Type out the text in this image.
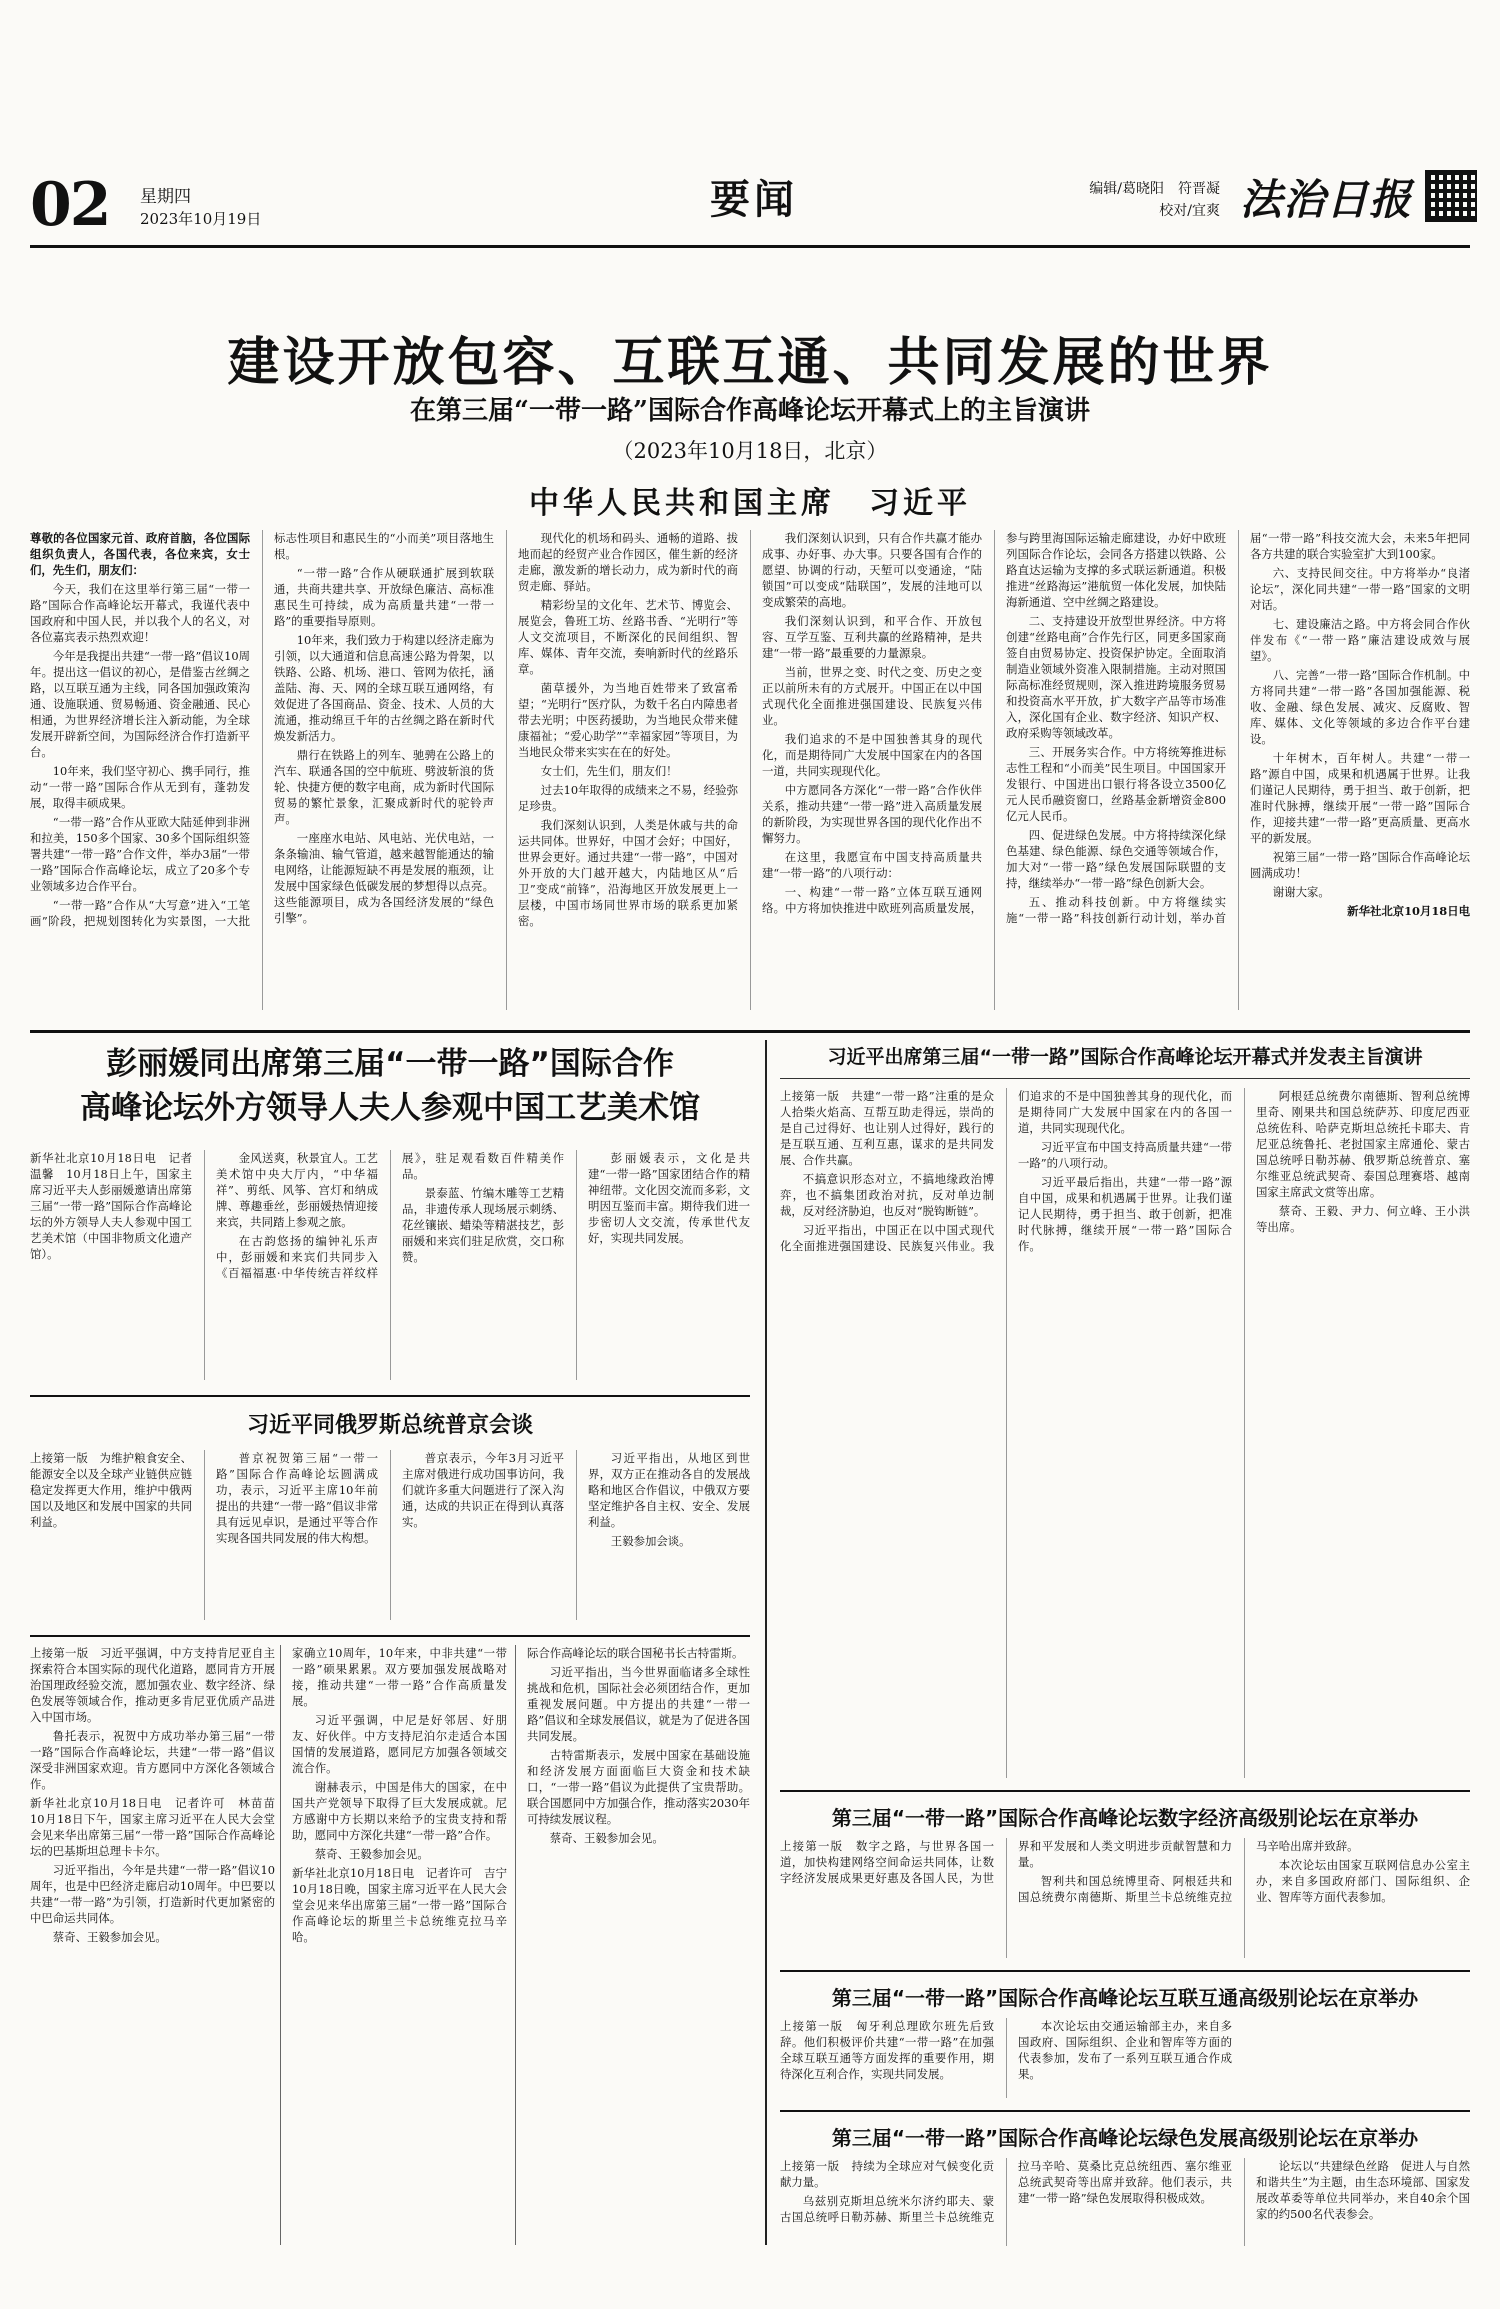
02 星期四
2023年10月19日	要闻	编辑/葛晓阳　符晋凝
校对/宜爽 法治日报
建设开放包容、互联互通、共同发展的世界
在第三届“一带一路”国际合作高峰论坛开幕式上的主旨演讲
（2023年10月18日，北京）
中华人民共和国主席　习近平

尊敬的各位国家元首、政府首脑，各位国际组织负责人，各国代表，各位来宾，女士们，先生们，朋友们：

今天，我们在这里举行第三届“一带一路”国际合作高峰论坛开幕式，我谨代表中国政府和中国人民，并以我个人的名义，对各位嘉宾表示热烈欢迎！

今年是我提出共建“一带一路”倡议10周年。提出这一倡议的初心，是借鉴古丝绸之路，以互联互通为主线，同各国加强政策沟通、设施联通、贸易畅通、资金融通、民心相通，为世界经济增长注入新动能，为全球发展开辟新空间，为国际经济合作打造新平台。

10年来，我们坚守初心、携手同行，推动“一带一路”国际合作从无到有，蓬勃发展，取得丰硕成果。

“一带一路”合作从亚欧大陆延伸到非洲和拉美，150多个国家、30多个国际组织签署共建“一带一路”合作文件，举办3届“一带一路”国际合作高峰论坛，成立了20多个专业领域多边合作平台。

“一带一路”合作从“大写意”进入“工笔画”阶段，把规划图转化为实景图，一大批标志性项目和惠民生的“小而美”项目落地生根。

“一带一路”合作从硬联通扩展到软联通，共商共建共享、开放绿色廉洁、高标准惠民生可持续，成为高质量共建“一带一路”的重要指导原则。

10年来，我们致力于构建以经济走廊为引领，以大通道和信息高速公路为骨架，以铁路、公路、机场、港口、管网为依托，涵盖陆、海、天、网的全球互联互通网络，有效促进了各国商品、资金、技术、人员的大流通，推动绵亘千年的古丝绸之路在新时代焕发新活力。

鼎行在铁路上的列车、驰骋在公路上的汽车、联通各国的空中航班、劈波斩浪的货轮、快捷方便的数字电商，成为新时代国际贸易的繁忙景象，汇聚成新时代的驼铃声声。

一座座水电站、风电站、光伏电站，一条条输油、输气管道，越来越智能通达的输电网络，让能源短缺不再是发展的瓶颈，让发展中国家绿色低碳发展的梦想得以点亮。这些能源项目，成为各国经济发展的“绿色引擎”。

现代化的机场和码头、通畅的道路、拔地而起的经贸产业合作园区，催生新的经济走廊，激发新的增长动力，成为新时代的商贸走廊、驿站。

精彩纷呈的文化年、艺术节、博览会、展览会，鲁班工坊、丝路书香、“光明行”等人文交流项目，不断深化的民间组织、智库、媒体、青年交流，奏响新时代的丝路乐章。

菌草援外，为当地百姓带来了致富希望；“光明行”医疗队，为数千名白内障患者带去光明；中医药援助，为当地民众带来健康福祉；“爱心助学”“幸福家园”等项目，为当地民众带来实实在在的好处。

女士们，先生们，朋友们！

过去10年取得的成绩来之不易，经验弥足珍贵。

我们深刻认识到，人类是休戚与共的命运共同体。世界好，中国才会好；中国好，世界会更好。通过共建“一带一路”，中国对外开放的大门越开越大，内陆地区从“后卫”变成“前锋”，沿海地区开放发展更上一层楼，中国市场同世界市场的联系更加紧密。

我们深刻认识到，只有合作共赢才能办成事、办好事、办大事。只要各国有合作的愿望、协调的行动，天堑可以变通途，“陆锁国”可以变成“陆联国”，发展的洼地可以变成繁荣的高地。

我们深刻认识到，和平合作、开放包容、互学互鉴、互利共赢的丝路精神，是共建“一带一路”最重要的力量源泉。

当前，世界之变、时代之变、历史之变正以前所未有的方式展开。中国正在以中国式现代化全面推进强国建设、民族复兴伟业。

我们追求的不是中国独善其身的现代化，而是期待同广大发展中国家在内的各国一道，共同实现现代化。

中方愿同各方深化“一带一路”合作伙伴关系，推动共建“一带一路”进入高质量发展的新阶段，为实现世界各国的现代化作出不懈努力。

在这里，我愿宣布中国支持高质量共建“一带一路”的八项行动：

一、构建“一带一路”立体互联互通网络。中方将加快推进中欧班列高质量发展，参与跨里海国际运输走廊建设，办好中欧班列国际合作论坛，会同各方搭建以铁路、公路直达运输为支撑的多式联运新通道。积极推进“丝路海运”港航贸一体化发展，加快陆海新通道、空中丝绸之路建设。

二、支持建设开放型世界经济。中方将创建“丝路电商”合作先行区，同更多国家商签自由贸易协定、投资保护协定。全面取消制造业领域外资准入限制措施。主动对照国际高标准经贸规则，深入推进跨境服务贸易和投资高水平开放，扩大数字产品等市场准入，深化国有企业、数字经济、知识产权、政府采购等领域改革。

三、开展务实合作。中方将统筹推进标志性工程和“小而美”民生项目。中国国家开发银行、中国进出口银行将各设立3500亿元人民币融资窗口，丝路基金新增资金800亿元人民币。

四、促进绿色发展。中方将持续深化绿色基建、绿色能源、绿色交通等领域合作，加大对“一带一路”绿色发展国际联盟的支持，继续举办“一带一路”绿色创新大会。

五、推动科技创新。中方将继续实施“一带一路”科技创新行动计划，举办首届“一带一路”科技交流大会，未来5年把同各方共建的联合实验室扩大到100家。

六、支持民间交往。中方将举办“良渚论坛”，深化同共建“一带一路”国家的文明对话。

七、建设廉洁之路。中方将会同合作伙伴发布《“一带一路”廉洁建设成效与展望》。

八、完善“一带一路”国际合作机制。中方将同共建“一带一路”各国加强能源、税收、金融、绿色发展、减灾、反腐败、智库、媒体、文化等领域的多边合作平台建设。

十年树木，百年树人。共建“一带一路”源自中国，成果和机遇属于世界。让我们谨记人民期待，勇于担当、敢于创新，把准时代脉搏，继续开展“一带一路”国际合作，迎接共建“一带一路”更高质量、更高水平的新发展。

祝第三届“一带一路”国际合作高峰论坛圆满成功！

谢谢大家。

新华社北京10月18日电

彭丽媛同出席第三届“一带一路”国际合作
高峰论坛外方领导人夫人参观中国工艺美术馆

新华社北京10月18日电　记者温馨　10月18日上午，国家主席习近平夫人彭丽媛邀请出席第三届“一带一路”国际合作高峰论坛的外方领导人夫人参观中国工艺美术馆（中国非物质文化遗产馆）。

金风送爽，秋景宜人。工艺美术馆中央大厅内，“中华福祥”、剪纸、风筝、宫灯和纳成牌、尊趣垂丝，彭丽媛热情迎接来宾，共同踏上参观之旅。

在古韵悠扬的编钟礼乐声中，彭丽媛和来宾们共同步入《百福福惠·中华传统吉祥纹样展》，驻足观看数百件精美作品。

景泰蓝、竹编木雕等工艺精品，非遗传承人现场展示刺绣、花丝镶嵌、蜡染等精湛技艺，彭丽媛和来宾们驻足欣赏，交口称赞。

彭丽媛表示，文化是共建“一带一路”国家团结合作的精神纽带。文化因交流而多彩，文明因互鉴而丰富。期待我们进一步密切人文交流，传承世代友好，实现共同发展。

习近平同俄罗斯总统普京会谈

上接第一版　为维护粮食安全、能源安全以及全球产业链供应链稳定发挥更大作用，维护中俄两国以及地区和发展中国家的共同利益。

普京祝贺第三届“一带一路”国际合作高峰论坛圆满成功，表示，习近平主席10年前提出的共建“一带一路”倡议非常具有远见卓识，是通过平等合作实现各国共同发展的伟大构想。

普京表示，今年3月习近平主席对俄进行成功国事访问，我们就许多重大问题进行了深入沟通，达成的共识正在得到认真落实。

习近平指出，从地区到世界，双方正在推动各自的发展战略和地区合作倡议，中俄双方要坚定维护各自主权、安全、发展利益。

王毅参加会谈。

上接第一版　习近平强调，中方支持肯尼亚自主探索符合本国实际的现代化道路，愿同肯方开展治国理政经验交流，愿加强农业、数字经济、绿色发展等领域合作，推动更多肯尼亚优质产品进入中国市场。

鲁托表示，祝贺中方成功举办第三届“一带一路”国际合作高峰论坛，共建“一带一路”倡议深受非洲国家欢迎。肯方愿同中方深化各领域合作。

新华社北京10月18日电　记者许可　林苗苗　10月18日下午，国家主席习近平在人民大会堂会见来华出席第三届“一带一路”国际合作高峰论坛的巴基斯坦总理卡卡尔。

习近平指出，今年是共建“一带一路”倡议10周年，也是中巴经济走廊启动10周年。中巴要以共建“一带一路”为引领，打造新时代更加紧密的中巴命运共同体。

蔡奇、王毅参加会见。

家确立10周年，10年来，中非共建“一带一路”硕果累累。双方要加强发展战略对接，推动共建“一带一路”合作高质量发展。

习近平强调，中尼是好邻居、好朋友、好伙伴。中方支持尼泊尔走适合本国国情的发展道路，愿同尼方加强各领域交流合作。

谢赫表示，中国是伟大的国家，在中国共产党领导下取得了巨大发展成就。尼方感谢中方长期以来给予的宝贵支持和帮助，愿同中方深化共建“一带一路”合作。

蔡奇、王毅参加会见。

新华社北京10月18日电　记者许可　吉宁　10月18日晚，国家主席习近平在人民大会堂会见来华出席第三届“一带一路”国际合作高峰论坛的斯里兰卡总统维克拉马辛哈。

际合作高峰论坛的联合国秘书长古特雷斯。

习近平指出，当今世界面临诸多全球性挑战和危机，国际社会必须团结合作，更加重视发展问题。中方提出的共建“一带一路”倡议和全球发展倡议，就是为了促进各国共同发展。

古特雷斯表示，发展中国家在基础设施和经济发展方面面临巨大资金和技术缺口，“一带一路”倡议为此提供了宝贵帮助。联合国愿同中方加强合作，推动落实2030年可持续发展议程。

蔡奇、王毅参加会见。

习近平出席第三届“一带一路”国际合作高峰论坛开幕式并发表主旨演讲

上接第一版　共建“一带一路”注重的是众人拾柴火焰高、互帮互助走得远，崇尚的是自己过得好、也让别人过得好，践行的是互联互通、互利互惠，谋求的是共同发展、合作共赢。

不搞意识形态对立，不搞地缘政治博弈，也不搞集团政治对抗，反对单边制裁，反对经济胁迫，也反对“脱钩断链”。

习近平指出，中国正在以中国式现代化全面推进强国建设、民族复兴伟业。我们追求的不是中国独善其身的现代化，而是期待同广大发展中国家在内的各国一道，共同实现现代化。

习近平宣布中国支持高质量共建“一带一路”的八项行动。

习近平最后指出，共建“一带一路”源自中国，成果和机遇属于世界。让我们谨记人民期待，勇于担当、敢于创新，把准时代脉搏，继续开展“一带一路”国际合作。

阿根廷总统费尔南德斯、智利总统博里奇、刚果共和国总统萨苏、印度尼西亚总统佐科、哈萨克斯坦总统托卡耶夫、肯尼亚总统鲁托、老挝国家主席通伦、蒙古国总统呼日勒苏赫、俄罗斯总统普京、塞尔维亚总统武契奇、泰国总理赛塔、越南国家主席武文赏等出席。

蔡奇、王毅、尹力、何立峰、王小洪等出席。

第三届“一带一路”国际合作高峰论坛数字经济高级别论坛在京举办

上接第一版　数字之路，与世界各国一道，加快构建网络空间命运共同体，让数字经济发展成果更好惠及各国人民，为世界和平发展和人类文明进步贡献智慧和力量。

智利共和国总统博里奇、阿根廷共和国总统费尔南德斯、斯里兰卡总统维克拉马辛哈出席并致辞。

本次论坛由国家互联网信息办公室主办，来自多国政府部门、国际组织、企业、智库等方面代表参加。

第三届“一带一路”国际合作高峰论坛互联互通高级别论坛在京举办

上接第一版　匈牙利总理欧尔班先后致辞。他们积极评价共建“一带一路”在加强全球互联互通等方面发挥的重要作用，期待深化互利合作，实现共同发展。

本次论坛由交通运输部主办，来自多国政府、国际组织、企业和智库等方面的代表参加，发布了一系列互联互通合作成果。

第三届“一带一路”国际合作高峰论坛绿色发展高级别论坛在京举办

上接第一版　持续为全球应对气候变化贡献力量。

乌兹别克斯坦总统米尔济约耶夫、蒙古国总统呼日勒苏赫、斯里兰卡总统维克拉马辛哈、莫桑比克总统纽西、塞尔维亚总统武契奇等出席并致辞。他们表示，共建“一带一路”绿色发展取得积极成效。

论坛以“共建绿色丝路　促进人与自然和谐共生”为主题，由生态环境部、国家发展改革委等单位共同举办，来自40余个国家的约500名代表参会。
